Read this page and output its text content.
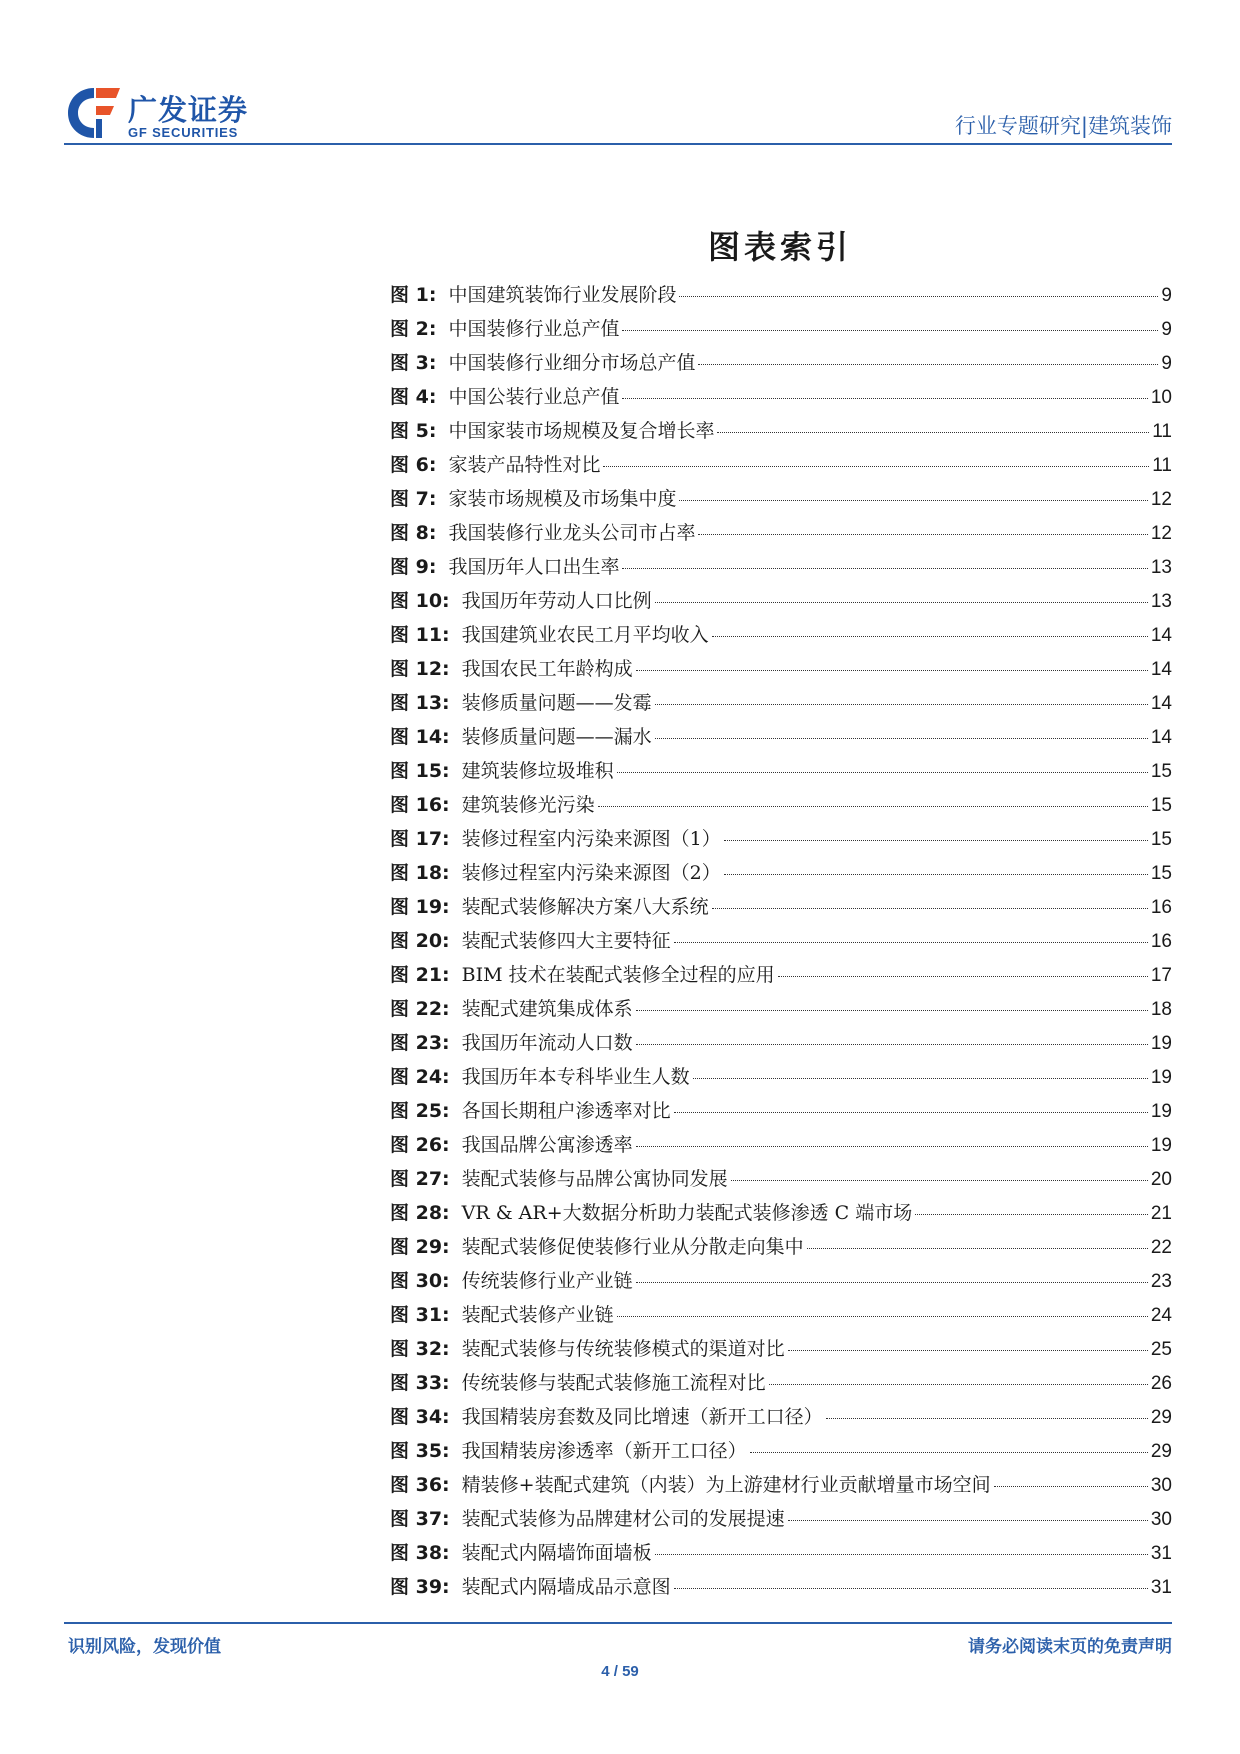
广发证券
GF SECURITIES	行业专题研究|建筑装饰
图表索引
图 1: 中国建筑装饰行业发展阶段	9
图 2: 中国装修行业总产值	9
图 3: 中国装修行业细分市场总产值	9
图 4: 中国公装行业总产值	10
图 5: 中国家装市场规模及复合增长率	11
图 6: 家装产品特性对比	11
图 7: 家装市场规模及市场集中度	12
图 8: 我国装修行业龙头公司市占率	12
图 9: 我国历年人口出生率	13
图 10: 我国历年劳动人口比例	13
图 11: 我国建筑业农民工月平均收入	14
图 12: 我国农民工年龄构成	14
图 13: 装修质量问题——发霉	14
图 14: 装修质量问题——漏水	14
图 15: 建筑装修垃圾堆积	15
图 16: 建筑装修光污染	15
图 17: 装修过程室内污染来源图（1）	15
图 18: 装修过程室内污染来源图（2）	15
图 19: 装配式装修解决方案八大系统	16
图 20: 装配式装修四大主要特征	16
图 21: BIM 技术在装配式装修全过程的应用	17
图 22: 装配式建筑集成体系	18
图 23: 我国历年流动人口数	19
图 24: 我国历年本专科毕业生人数	19
图 25: 各国长期租户渗透率对比	19
图 26: 我国品牌公寓渗透率	19
图 27: 装配式装修与品牌公寓协同发展	20
图 28: VR & AR+大数据分析助力装配式装修渗透 C 端市场	21
图 29: 装配式装修促使装修行业从分散走向集中	22
图 30: 传统装修行业产业链	23
图 31: 装配式装修产业链	24
图 32: 装配式装修与传统装修模式的渠道对比	25
图 33: 传统装修与装配式装修施工流程对比	26
图 34: 我国精装房套数及同比增速（新开工口径）	29
图 35: 我国精装房渗透率（新开工口径）	29
图 36: 精装修+装配式建筑（内装）为上游建材行业贡献增量市场空间	30
图 37: 装配式装修为品牌建材公司的发展提速	30
图 38: 装配式内隔墙饰面墙板	31
图 39: 装配式内隔墙成品示意图	31
识别风险，发现价值	请务必阅读末页的免责声明
4 / 59
